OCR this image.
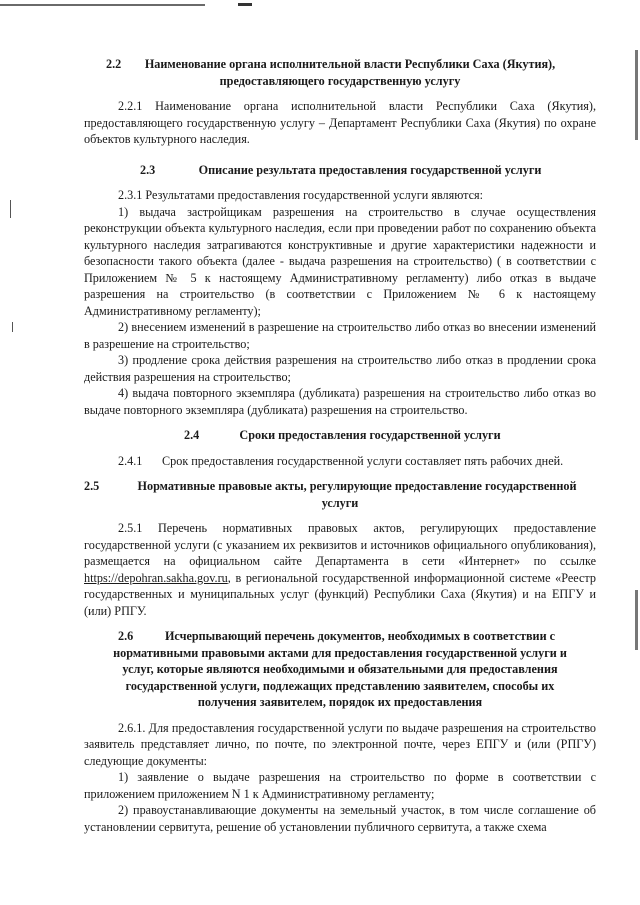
2.2	Наименование органа исполнительной власти Республики Саха (Якутия),
предоставляющего государственную услугу

2.2.1 Наименование органа исполнительной власти Республики Саха (Якутия), предоставляющего государственную услугу – Департамент Республики Саха (Якутия) по охране объектов культурного наследия.

2.3	Описание результата предоставления государственной услуги

2.3.1 Результатами предоставления государственной услуги являются:

1) выдача застройщикам разрешения на строительство в случае осуществления реконструкции объекта культурного наследия, если при проведении работ по сохранению объекта культурного наследия затрагиваются конструктивные и другие характеристики надежности и безопасности такого объекта (далее - выдача разрешения на строительство) ( в соответствии с Приложением № 5 к настоящему Административному регламенту) либо отказ в выдаче разрешения на строительство (в соответствии с Приложением № 6 к настоящему Административному регламенту);

2) внесением изменений в разрешение на строительство либо отказ во внесении изменений в разрешение на строительство;

3) продление срока действия разрешения на строительство либо отказ в продлении срока действия разрешения на строительство;

4) выдача повторного экземпляра (дубликата) разрешения на строительство либо отказ во выдаче повторного экземпляра (дубликата) разрешения на строительство.

2.4	Сроки предоставления государственной услуги

2.4.1 Срок предоставления государственной услуги составляет пять рабочих дней.

2.5	Нормативные правовые акты, регулирующие предоставление государственной
услуги

2.5.1 Перечень нормативных правовых актов, регулирующих предоставление государственной услуги (с указанием их реквизитов и источников официального опубликования), размещается на официальном сайте Департамента в сети «Интернет» по ссылке https://depohran.sakha.gov.ru, в региональной государственной информационной системе «Реестр государственных и муниципальных услуг (функций) Республики Саха (Якутия) и на ЕПГУ и (или) РПГУ.

2.6	Исчерпывающий перечень документов, необходимых в соответствии с
нормативными правовыми актами для предоставления государственной услуги и
услуг, которые являются необходимыми и обязательными для предоставления
государственной услуги, подлежащих представлению заявителем, способы их
получения заявителем, порядок их предоставления

2.6.1. Для предоставления государственной услуги по выдаче разрешения на строительство заявитель представляет лично, по почте, по электронной почте, через ЕПГУ и (или (РПГУ) следующие документы:

1) заявление о выдаче разрешения на строительство по форме в соответствии с приложением приложением N 1 к Административному регламенту;

2) правоустанавливающие документы на земельный участок, в том числе соглашение об установлении сервитута, решение об установлении публичного сервитута, а также схема
